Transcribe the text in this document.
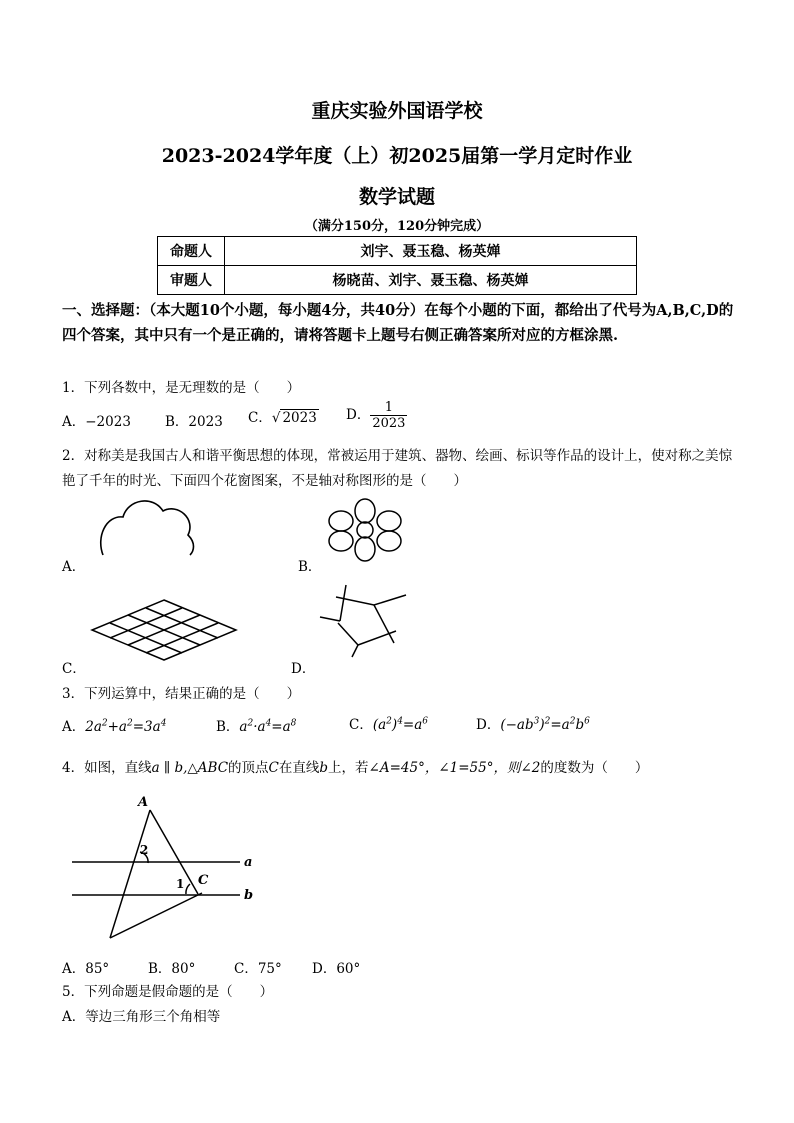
重庆实验外国语学校
2023-2024学年度（上）初2025届第一学月定时作业
数学试题
（满分150分，120分钟完成）
命题人	刘宇、聂玉稳、杨英婵
审题人	杨晓苗、刘宇、聂玉稳、杨英婵
一、选择题：（本大题10个小题，每小题4分，共40分）在每个小题的下面，都给出了代号为A,B,C,D的四个答案，其中只有一个是正确的，请将答题卡上题号右侧正确答案所对应的方框涂黑.
1．下列各数中，是无理数的是（　　）
A．−2023	B．2023 C．√ 2023 D． $\frac{1}{2023}$
2．对称美是我国古人和谐平衡思想的体现，常被运用于建筑、器物、绘画、标识等作品的设计上，使对称之美惊艳了千年的时光、下面四个花窗图案，不是轴对称图形的是（　　）
A．	B．
C．	D．
3．下列运算中，结果正确的是（　　）
A．$2a^2+a^2=3a^4$	B．$a^2\cdot a^4=a^8$	C．$(a^2)^4=a^6$	D．$(-ab^3)^2=a^2b^6$
4．如图，直线a ∥ b,△ABC的顶点C在直线b上，若∠A=45°，∠1=55°，则∠2的度数为（　　）
A
2
1 C
a
b
A．85°	B．80°	C．75° D．60°
5．下列命题是假命题的是（　　）
A．等边三角形三个角相等
